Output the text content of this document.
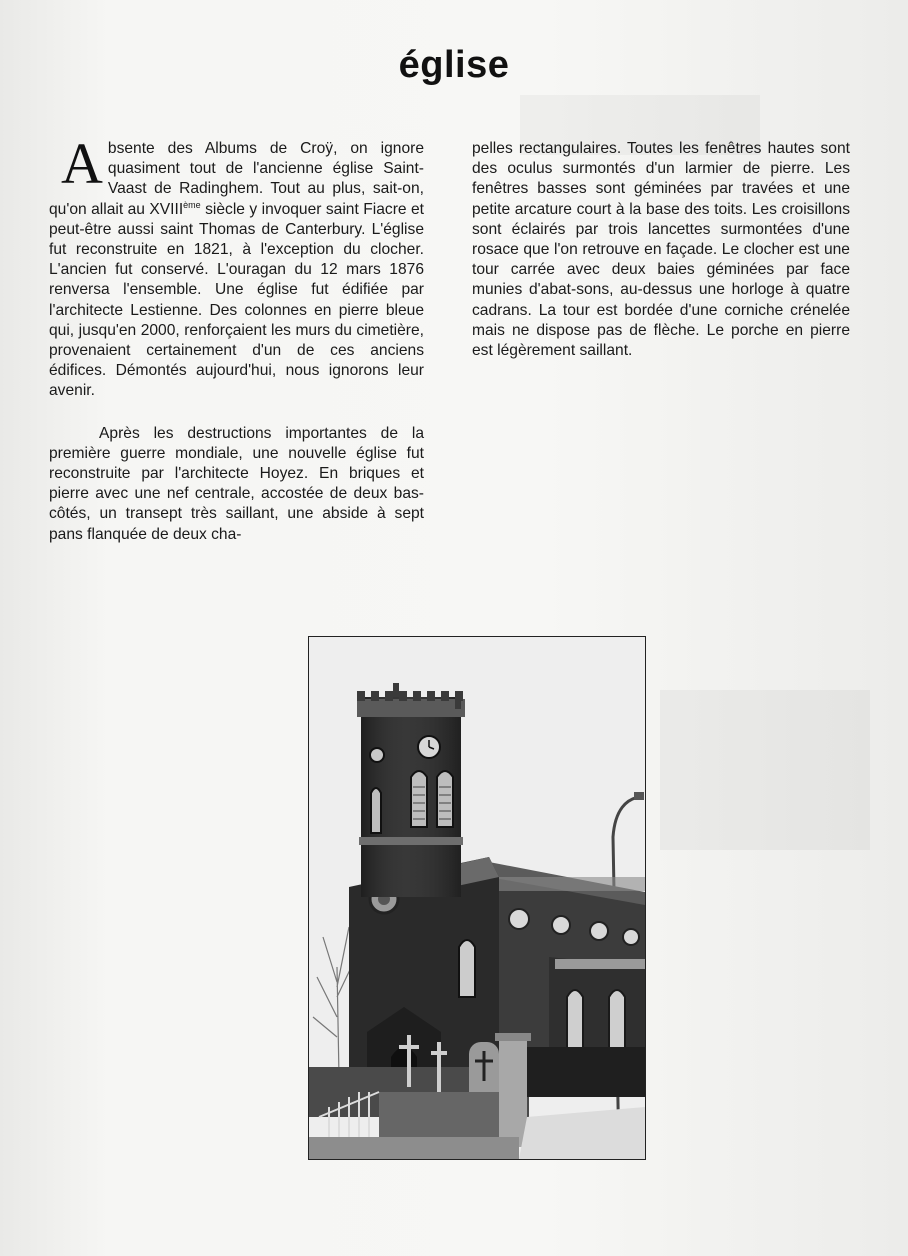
église

Absente des Albums de Croÿ, on ignore quasiment tout de l'ancienne église Saint-Vaast de Radinghem. Tout au plus, sait-on, qu'on allait au XVIIIème siècle y invoquer saint Fiacre et peut-être aussi saint Thomas de Canterbury. L'église fut reconstruite en 1821, à l'exception du clocher. L'ancien fut conservé. L'ouragan du 12 mars 1876 renversa l'ensemble. Une église fut édifiée par l'architecte Lestienne. Des colonnes en pierre bleue qui, jusqu'en 2000, renforçaient les murs du cimetière, provenaient certainement d'un de ces anciens édifices. Démontés aujourd'hui, nous ignorons leur avenir.

Après les destructions importantes de la première guerre mondiale, une nouvelle église fut reconstruite par l'architecte Hoyez. En briques et pierre avec une nef centrale, accostée de deux bas-côtés, un transept très saillant, une abside à sept pans flanquée de deux cha-

pelles rectangulaires. Toutes les fenêtres hautes sont des oculus surmontés d'un larmier de pierre. Les fenêtres basses sont géminées par travées et une petite arcature court à la base des toits. Les croisillons sont éclairés par trois lancettes surmontées d'une rosace que l'on retrouve en façade. Le clocher est une tour carrée avec deux baies géminées par face munies d'abat-sons, au-dessus une horloge à quatre cadrans. La tour est bordée d'une corniche crénelée mais ne dispose pas de flèche. Le porche en pierre est légèrement saillant.
